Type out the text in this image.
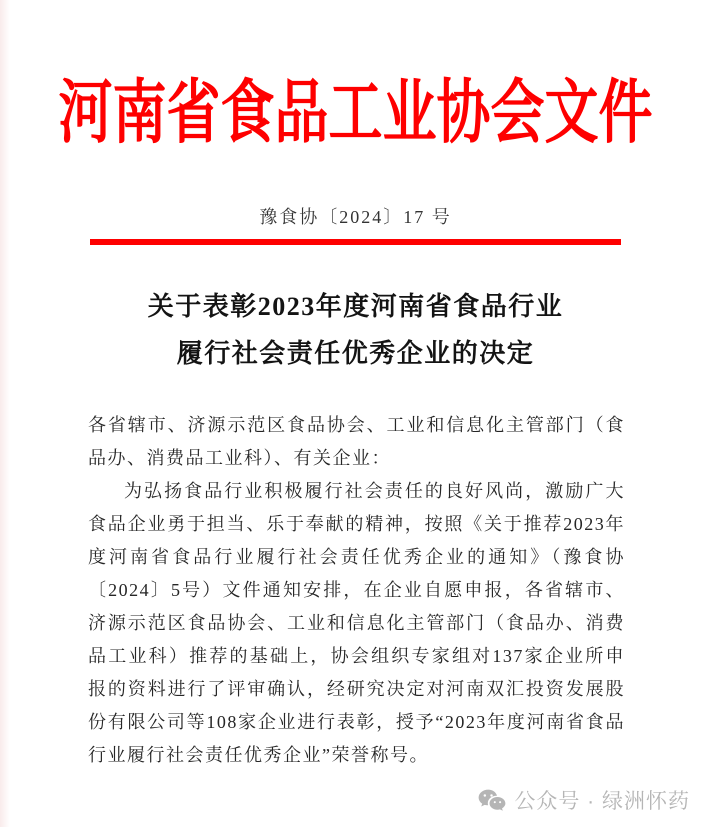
河南省食品工业协会文件
豫食协〔2024〕17 号
关于表彰2023年度河南省食品行业
履行社会责任优秀企业的决定

各省辖市、济源示范区食品协会、工业和信息化主管部门（食品办、消费品工业科）、有关企业：

为弘扬食品行业积极履行社会责任的良好风尚，激励广大食品企业勇于担当、乐于奉献的精神，按照《关于推荐2023年度河南省食品行业履行社会责任优秀企业的通知》（豫食协〔2024〕5号）文件通知安排，在企业自愿申报，各省辖市、济源示范区食品协会、工业和信息化主管部门（食品办、消费品工业科）推荐的基础上，协会组织专家组对137家企业所申报的资料进行了评审确认，经研究决定对河南双汇投资发展股份有限公司等108家企业进行表彰，授予“2023年度河南省食品行业履行社会责任优秀企业”荣誉称号。

公众号 · 绿洲怀药
